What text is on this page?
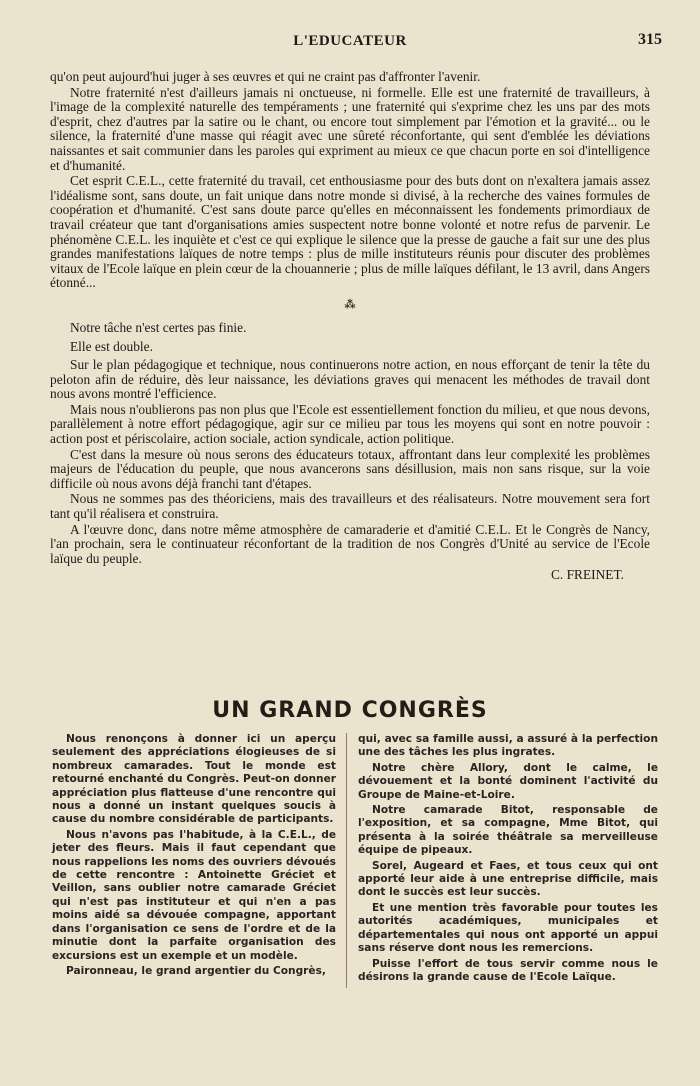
L'EDUCATEUR	315

qu'on peut aujourd'hui juger à ses œuvres et qui ne craint pas d'affronter l'avenir.

Notre fraternité n'est d'ailleurs jamais ni onctueuse, ni formelle. Elle est une fraternité de travailleurs, à l'image de la complexité naturelle des tempéraments ; une fraternité qui s'exprime chez les uns par des mots d'esprit, chez d'autres par la satire ou le chant, ou encore tout simplement par l'émotion et la gravité... ou le silence, la fraternité d'une masse qui réagit avec une sûreté réconfortante, qui sent d'emblée les déviations naissantes et sait communier dans les paroles qui expriment au mieux ce que chacun porte en soi d'intelligence et d'humanité.

Cet esprit C.E.L., cette fraternité du travail, cet enthousiasme pour des buts dont on n'exaltera jamais assez l'idéalisme sont, sans doute, un fait unique dans notre monde si divisé, à la recherche des vaines formules de coopération et d'humanité. C'est sans doute parce qu'elles en méconnaissent les fondements primordiaux de travail créateur que tant d'organisations amies suspectent notre bonne volonté et notre refus de parvenir. Le phénomène C.E.L. les inquiète et c'est ce qui explique le silence que la presse de gauche a fait sur une des plus grandes manifestations laïques de notre temps : plus de mille instituteurs réunis pour discuter des problèmes vitaux de l'Ecole laïque en plein cœur de la chouannerie ; plus de mille laïques défilant, le 13 avril, dans Angers étonné...

⁂

Notre tâche n'est certes pas finie.

Elle est double.

Sur le plan pédagogique et technique, nous continuerons notre action, en nous efforçant de tenir la tête du peloton afin de réduire, dès leur naissance, les déviations graves qui menacent les méthodes de travail dont nous avons montré l'efficience.

Mais nous n'oublierons pas non plus que l'Ecole est essentiellement fonction du milieu, et que nous devons, parallèlement à notre effort pédagogique, agir sur ce milieu par tous les moyens qui sont en notre pouvoir : action post et périscolaire, action sociale, action syndicale, action politique.

C'est dans la mesure où nous serons des éducateurs totaux, affrontant dans leur complexité les problèmes majeurs de l'éducation du peuple, que nous avancerons sans désillusion, mais non sans risque, sur la voie difficile où nous avons déjà franchi tant d'étapes.

Nous ne sommes pas des théoriciens, mais des travailleurs et des réalisateurs. Notre mouvement sera fort tant qu'il réalisera et construira.

A l'œuvre donc, dans notre même atmosphère de camaraderie et d'amitié C.E.L. Et le Congrès de Nancy, l'an prochain, sera le continuateur réconfortant de la tradition de nos Congrès d'Unité au service de l'Ecole laïque du peuple.

C. FREINET.
UN GRAND CONGRÈS

Nous renonçons à donner ici un aperçu seulement des appréciations élogieuses de si nombreux camarades. Tout le monde est retourné enchanté du Congrès. Peut-on donner appréciation plus flatteuse d'une rencontre qui nous a donné un instant quelques soucis à cause du nombre considérable de participants.

Nous n'avons pas l'habitude, à la C.E.L., de jeter des fleurs. Mais il faut cependant que nous rappelions les noms des ouvriers dévoués de cette rencontre : Antoinette Gréciet et Veillon, sans oublier notre camarade Gréciet qui n'est pas instituteur et qui n'en a pas moins aidé sa dévouée compagne, apportant dans l'organisation ce sens de l'ordre et de la minutie dont la parfaite organisation des excursions est un exemple et un modèle.

Paironneau, le grand argentier du Congrès,

qui, avec sa famille aussi, a assuré à la perfection une des tâches les plus ingrates.

Notre chère Allory, dont le calme, le dévouement et la bonté dominent l'activité du Groupe de Maine-et-Loire.

Notre camarade Bitot, responsable de l'exposition, et sa compagne, Mme Bitot, qui présenta à la soirée théâtrale sa merveilleuse équipe de pipeaux.

Sorel, Augeard et Faes, et tous ceux qui ont apporté leur aide à une entreprise difficile, mais dont le succès est leur succès.

Et une mention très favorable pour toutes les autorités académiques, municipales et départementales qui nous ont apporté un appui sans réserve dont nous les remercions.

Puisse l'effort de tous servir comme nous le désirons la grande cause de l'Ecole Laïque.
